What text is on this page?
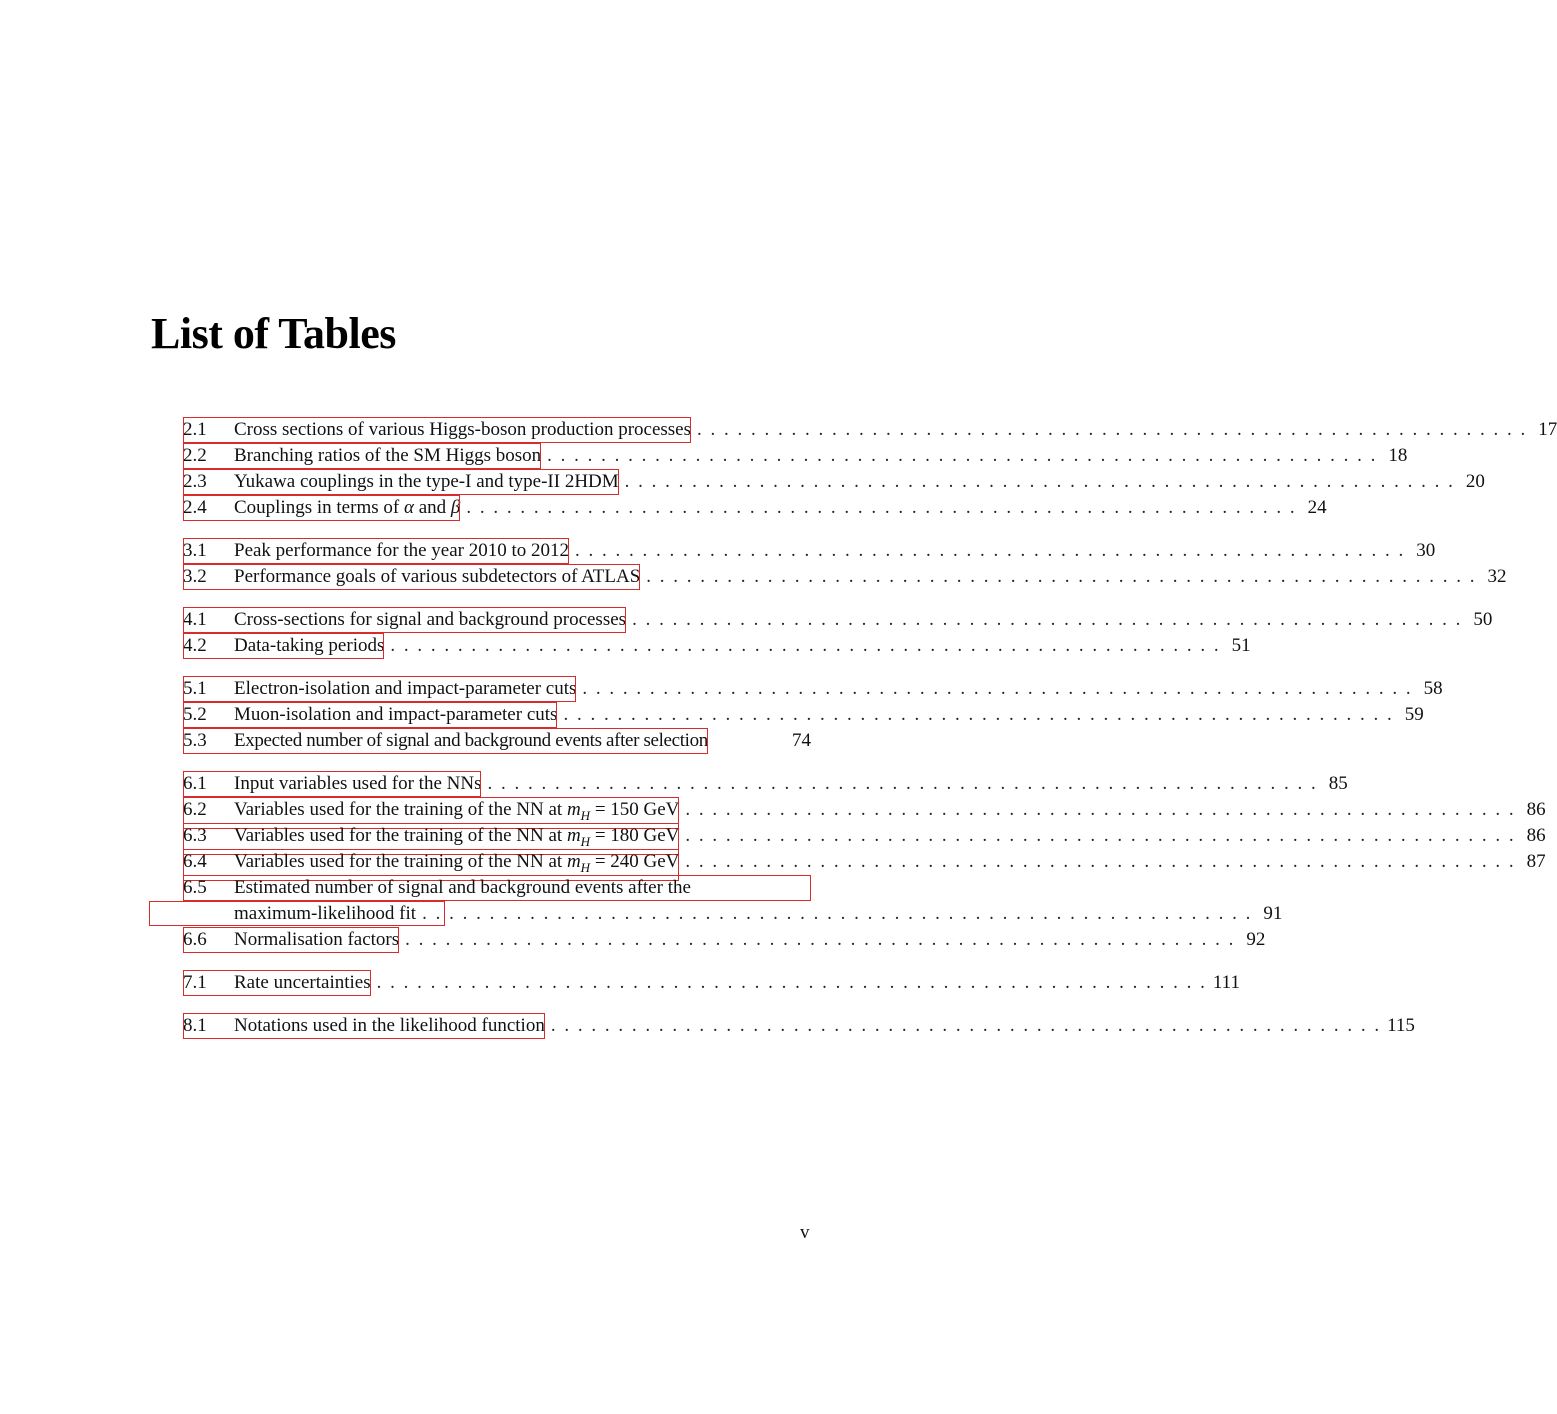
List of Tables
2.1 Cross sections of various Higgs-boson production processes . . .	17
2.2 Branching ratios of the SM Higgs boson . . .	18
2.3 Yukawa couplings in the type-I and type-II 2HDM . . .	20
2.4 Couplings in terms of α and β . . .	24
3.1 Peak performance for the year 2010 to 2012 . . .	30
3.2 Performance goals of various subdetectors of ATLAS . . .	32
4.1 Cross-sections for signal and background processes . . .	50
4.2 Data-taking periods . . .	51
5.1 Electron-isolation and impact-parameter cuts . . .	58
5.2 Muon-isolation and impact-parameter cuts . . .	59
5.3 Expected number of signal and background events after selection	74
6.1 Input variables used for the NNs . . .	85
6.2 Variables used for the training of the NN at $m_H = 150$ GeV . . .	86
6.3 Variables used for the training of the NN at $m_H = 180$ GeV . . .	86
6.4 Variables used for the training of the NN at $m_H = 240$ GeV . . .	87
6.5	Estimated number of signal and background events after the
maximum-likelihood fit . . .	91
6.6 Normalisation factors . . .	92
7.1 Rate uncertainties . . .	111
8.1 Notations used in the likelihood function . . .	115
v
